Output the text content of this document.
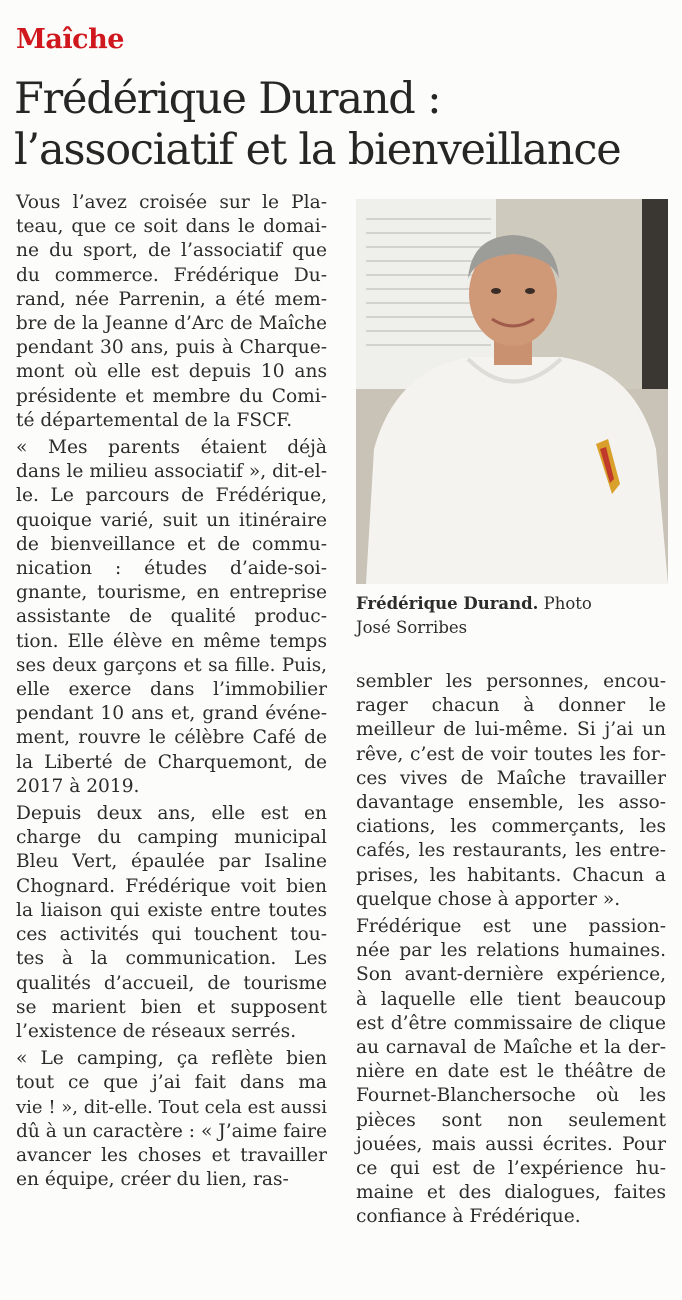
Maîche
Frédérique Durand :
l’associatif et la bienveillance

Vous l’avez croisée sur le Pla-
teau, que ce soit dans le domai-
ne du sport, de l’associatif que
du commerce. Frédérique Du-
rand, née Parrenin, a été mem-
bre de la Jeanne d’Arc de Maîche
pendant 30 ans, puis à Charque-
mont où elle est depuis 10 ans
présidente et membre du Comi-
té départemental de la FSCF.

« Mes parents étaient déjà
dans le milieu associatif », dit-el-
le. Le parcours de Frédérique,
quoique varié, suit un itinéraire
de bienveillance et de commu-
nication : études d’aide-soi-
gnante, tourisme, en entreprise
assistante de qualité produc-
tion. Elle élève en même temps
ses deux garçons et sa fille. Puis,
elle exerce dans l’immobilier
pendant 10 ans et, grand événe-
ment, rouvre le célèbre Café de
la Liberté de Charquemont, de
2017 à 2019.

Depuis deux ans, elle est en
charge du camping municipal
Bleu Vert, épaulée par Isaline
Chognard. Frédérique voit bien
la liaison qui existe entre toutes
ces activités qui touchent tou-
tes à la communication. Les
qualités d’accueil, de tourisme
se marient bien et supposent
l’existence de réseaux serrés.

« Le camping, ça reflète bien
tout ce que j’ai fait dans ma
vie ! », dit-elle. Tout cela est aussi
dû à un caractère : « J’aime faire
avancer les choses et travailler
en équipe, créer du lien, ras-

Frédérique Durand. Photo
José Sorribes

sembler les personnes, encou-
rager chacun à donner le
meilleur de lui-même. Si j’ai un
rêve, c’est de voir toutes les for-
ces vives de Maîche travailler
davantage ensemble, les asso-
ciations, les commerçants, les
cafés, les restaurants, les entre-
prises, les habitants. Chacun a
quelque chose à apporter ».

Frédérique est une passion-
née par les relations humaines.
Son avant-dernière expérience,
à laquelle elle tient beaucoup
est d’être commissaire de clique
au carnaval de Maîche et la der-
nière en date est le théâtre de
Fournet-Blanchersoche où les
pièces sont non seulement
jouées, mais aussi écrites. Pour
ce qui est de l’expérience hu-
maine et des dialogues, faites
confiance à Frédérique.
